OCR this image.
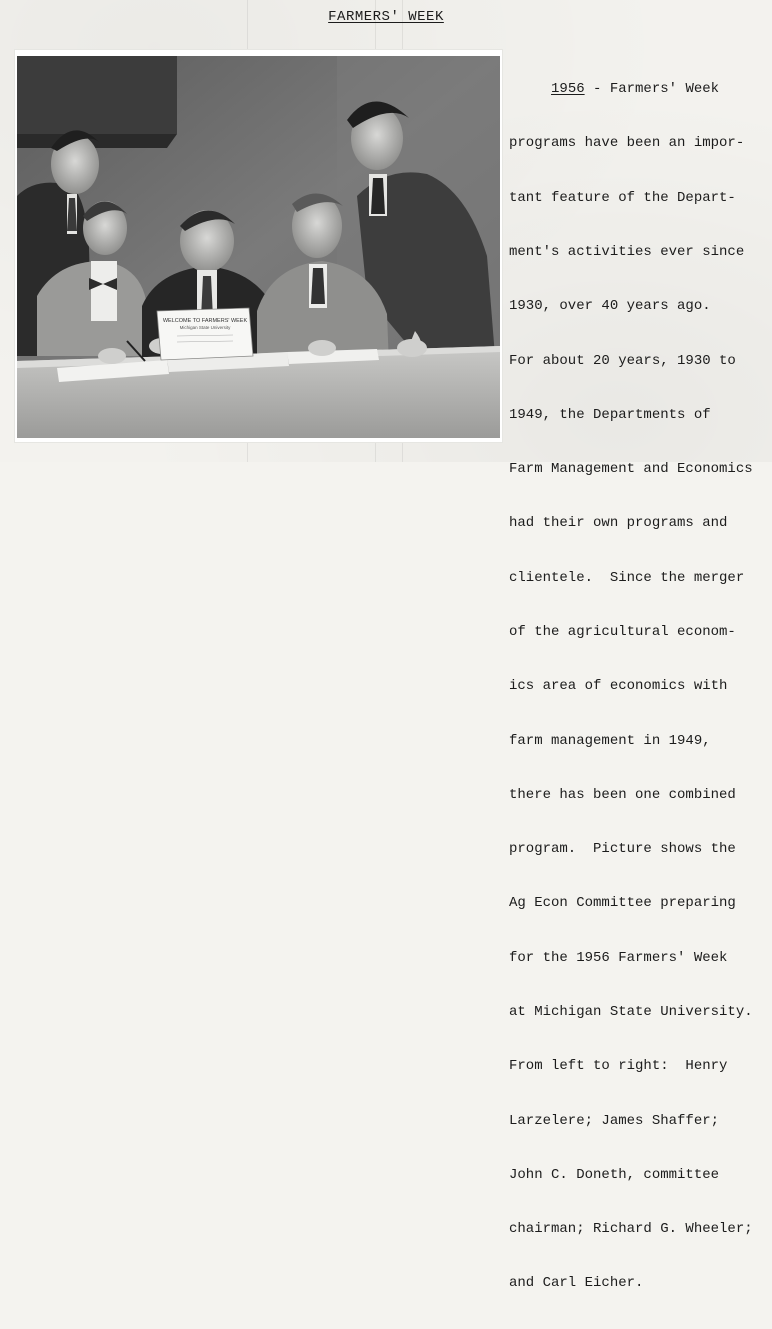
FARMERS' WEEK
WELCOME TO FARMERS' WEEK
Michigan State University

1956 - Farmers' Week

programs have been an impor-

tant feature of the Depart-

ment's activities ever since

1930, over 40 years ago.

For about 20 years, 1930 to

1949, the Departments of

Farm Management and Economics

had their own programs and

clientele.  Since the merger

of the agricultural econom-

ics area of economics with

farm management in 1949,

there has been one combined

program.  Picture shows the

Ag Econ Committee preparing

for the 1956 Farmers' Week

at Michigan State University.

From left to right:  Henry

Larzelere; James Shaffer;

John C. Doneth, committee

chairman; Richard G. Wheeler;

and Carl Eicher.
